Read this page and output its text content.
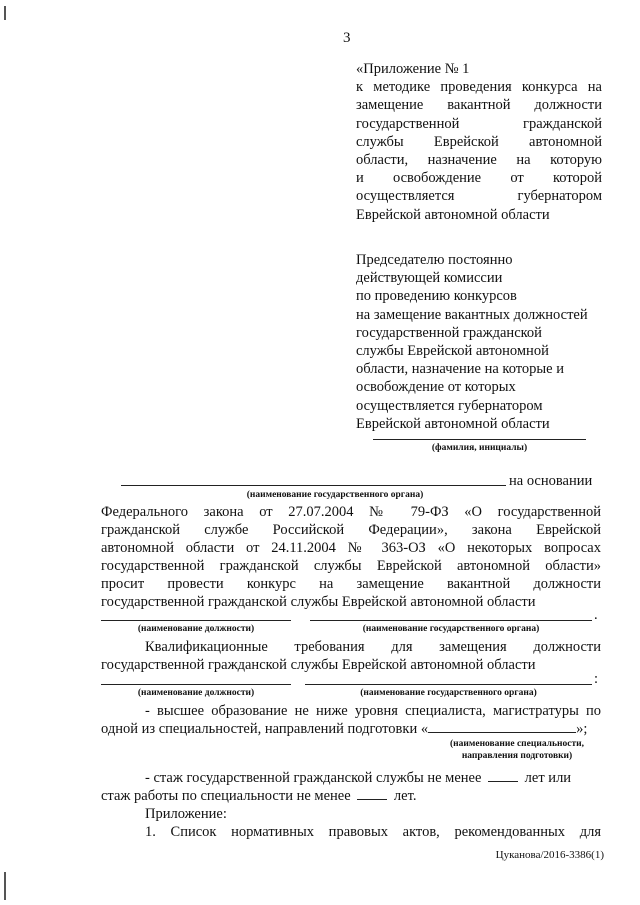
3
«Приложение № 1
к методике проведения конкурса на
замещение вакантной должности
государственной гражданской
службы Еврейской автономной
области, назначение на которую
и освобождение от которой
осуществляется губернатором
Еврейской автономной области
Председателю постоянно
действующей комиссии
по проведению конкурсов
на замещение вакантных должностей
государственной гражданской
службы Еврейской автономной
области, назначение на которые и
освобождение от которых
осуществляется губернатором
Еврейской автономной области
(фамилия, инициалы)
на основании
(наименование государственного органа)
Федерального закона от 27.07.2004 № 79-ФЗ «О государственной
гражданской службе Российской Федерации», закона Еврейской
автономной области от 24.11.2004 № 363-ОЗ «О некоторых вопросах
государственной гражданской службы Еврейской автономной области»
просит провести конкурс на замещение вакантной должности
государственной гражданской службы Еврейской автономной области
.
(наименование должности)	(наименование государственного органа)
Квалификационные требования для замещения должности
государственной гражданской службы Еврейской автономной области
:
(наименование должности)	(наименование государственного органа)
- высшее образование не ниже уровня специалиста, магистратуры по
одной из специальностей, направлений подготовки «	»;
(наименование специальности,
направления подготовки)
- стаж государственной гражданской службы не менее	лет или
стаж работы по специальности не менее	лет.
Приложение:
1. Список нормативных правовых актов, рекомендованных для
Цуканова/2016-3386(1)
